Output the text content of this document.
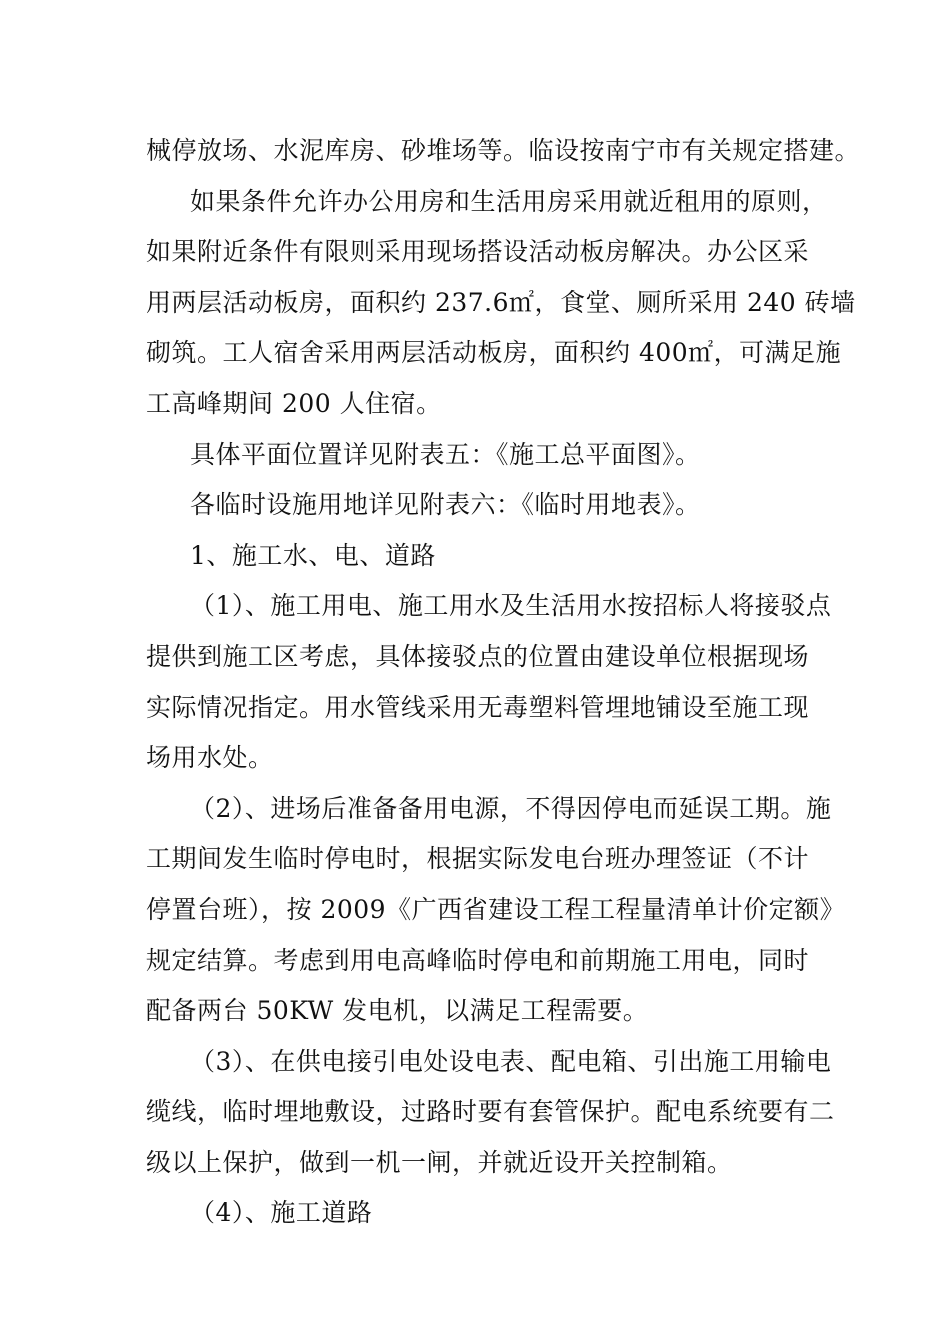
械停放场、水泥库房、砂堆场等。临设按南宁市有关规定搭建。
如果条件允许办公用房和生活用房采用就近租用的原则，
如果附近条件有限则采用现场搭设活动板房解决。办公区采
用两层活动板房，面积约 237.6㎡，食堂、厕所采用 240 砖墙
砌筑。工人宿舍采用两层活动板房，面积约 400㎡，可满足施
工高峰期间 200 人住宿。
具体平面位置详见附表五：《施工总平面图》。
各临时设施用地详见附表六：《临时用地表》。
1、施工水、电、道路
（1）、施工用电、施工用水及生活用水按招标人将接驳点
提供到施工区考虑，具体接驳点的位置由建设单位根据现场
实际情况指定。用水管线采用无毒塑料管埋地铺设至施工现
场用水处。
（2）、进场后准备备用电源，不得因停电而延误工期。施
工期间发生临时停电时，根据实际发电台班办理签证（不计
停置台班），按 2009《广西省建设工程工程量清单计价定额》
规定结算。考虑到用电高峰临时停电和前期施工用电，同时
配备两台 50KW 发电机，以满足工程需要。
（3）、在供电接引电处设电表、配电箱、引出施工用输电
缆线，临时埋地敷设，过路时要有套管保护。配电系统要有二
级以上保护，做到一机一闸，并就近设开关控制箱。
（4）、施工道路
